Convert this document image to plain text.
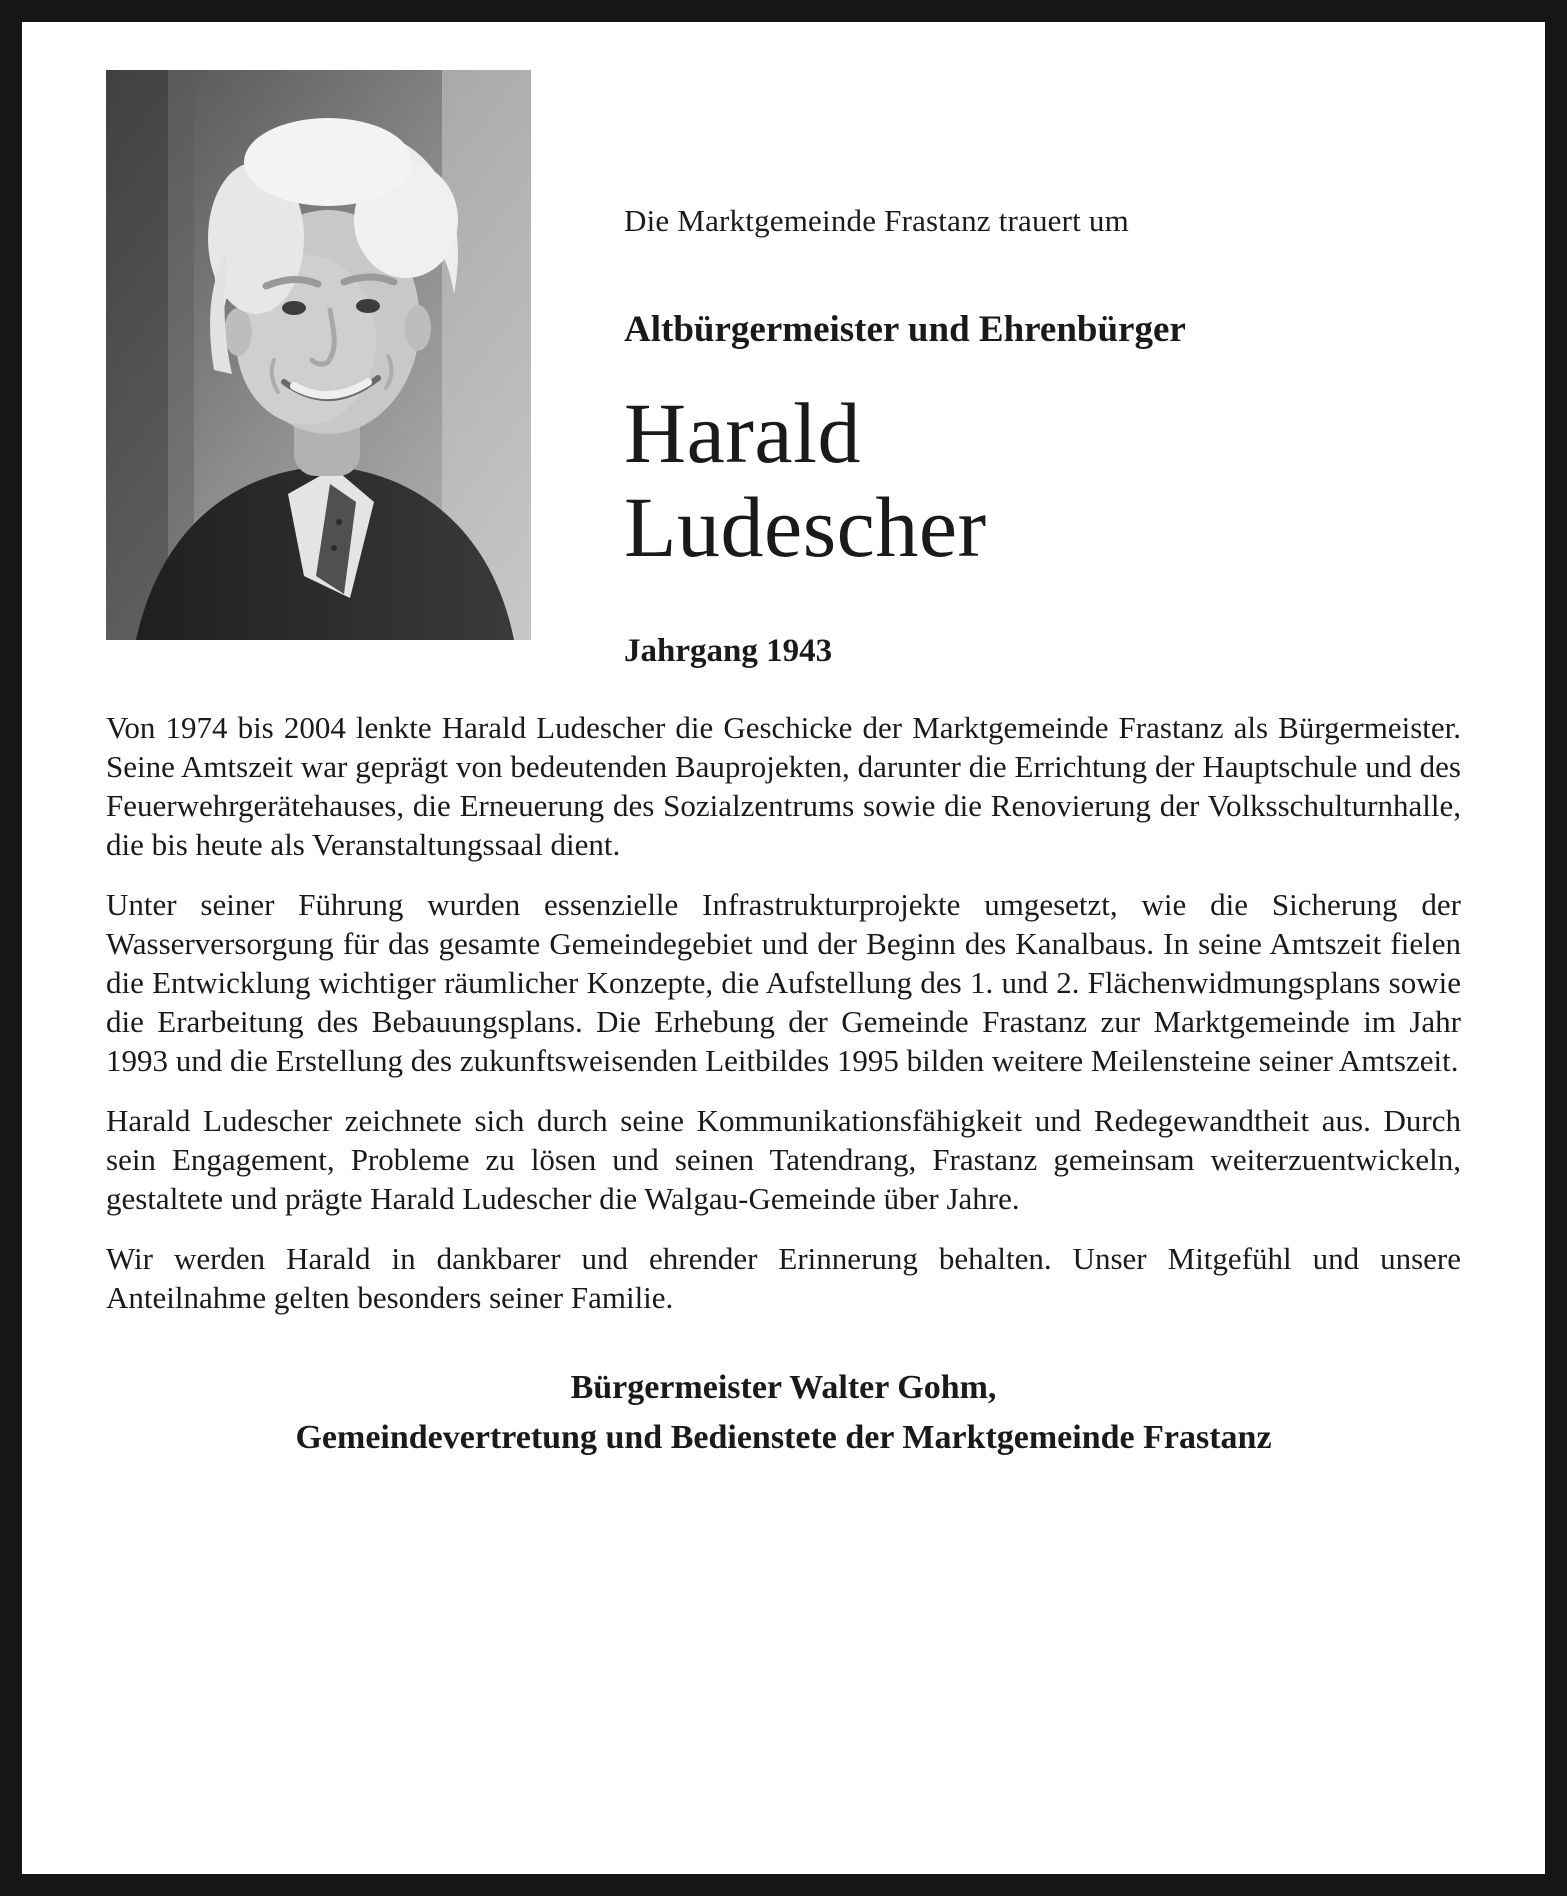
Die Marktgemeinde Frastanz trauert um
Altbürgermeister und Ehrenbürger
Harald
Ludescher
Jahrgang 1943

Von 1974 bis 2004 lenkte Harald Ludescher die Geschicke der Marktgemeinde Frastanz als Bürgermeister. Seine Amtszeit war geprägt von bedeutenden Bauprojekten, darunter die Errichtung der Hauptschule und des Feuerwehrgerätehauses, die Erneuerung des Sozialzentrums sowie die Renovierung der Volksschulturnhalle, die bis heute als Veranstaltungssaal dient.

Unter seiner Führung wurden essenzielle Infrastrukturprojekte umgesetzt, wie die Sicherung der Wasserversorgung für das gesamte Gemeindegebiet und der Beginn des Kanalbaus. In seine Amtszeit fielen die Entwicklung wichtiger räumlicher Konzepte, die Aufstellung des 1. und 2. Flächenwidmungsplans sowie die Erarbeitung des Bebauungsplans. Die Erhebung der Gemeinde Frastanz zur Marktgemeinde im Jahr 1993 und die Erstellung des zukunftsweisenden Leitbildes 1995 bilden weitere Meilensteine seiner Amtszeit.

Harald Ludescher zeichnete sich durch seine Kommunikationsfähigkeit und Redegewandtheit aus. Durch sein Engagement, Probleme zu lösen und seinen Tatendrang, Frastanz gemeinsam weiterzuentwickeln, gestaltete und prägte Harald Ludescher die Walgau-Gemeinde über Jahre.

Wir werden Harald in dankbarer und ehrender Erinnerung behalten. Unser Mitgefühl und unsere Anteilnahme gelten besonders seiner Familie.

Bürgermeister Walter Gohm,
Gemeindevertretung und Bedienstete der Marktgemeinde Frastanz
